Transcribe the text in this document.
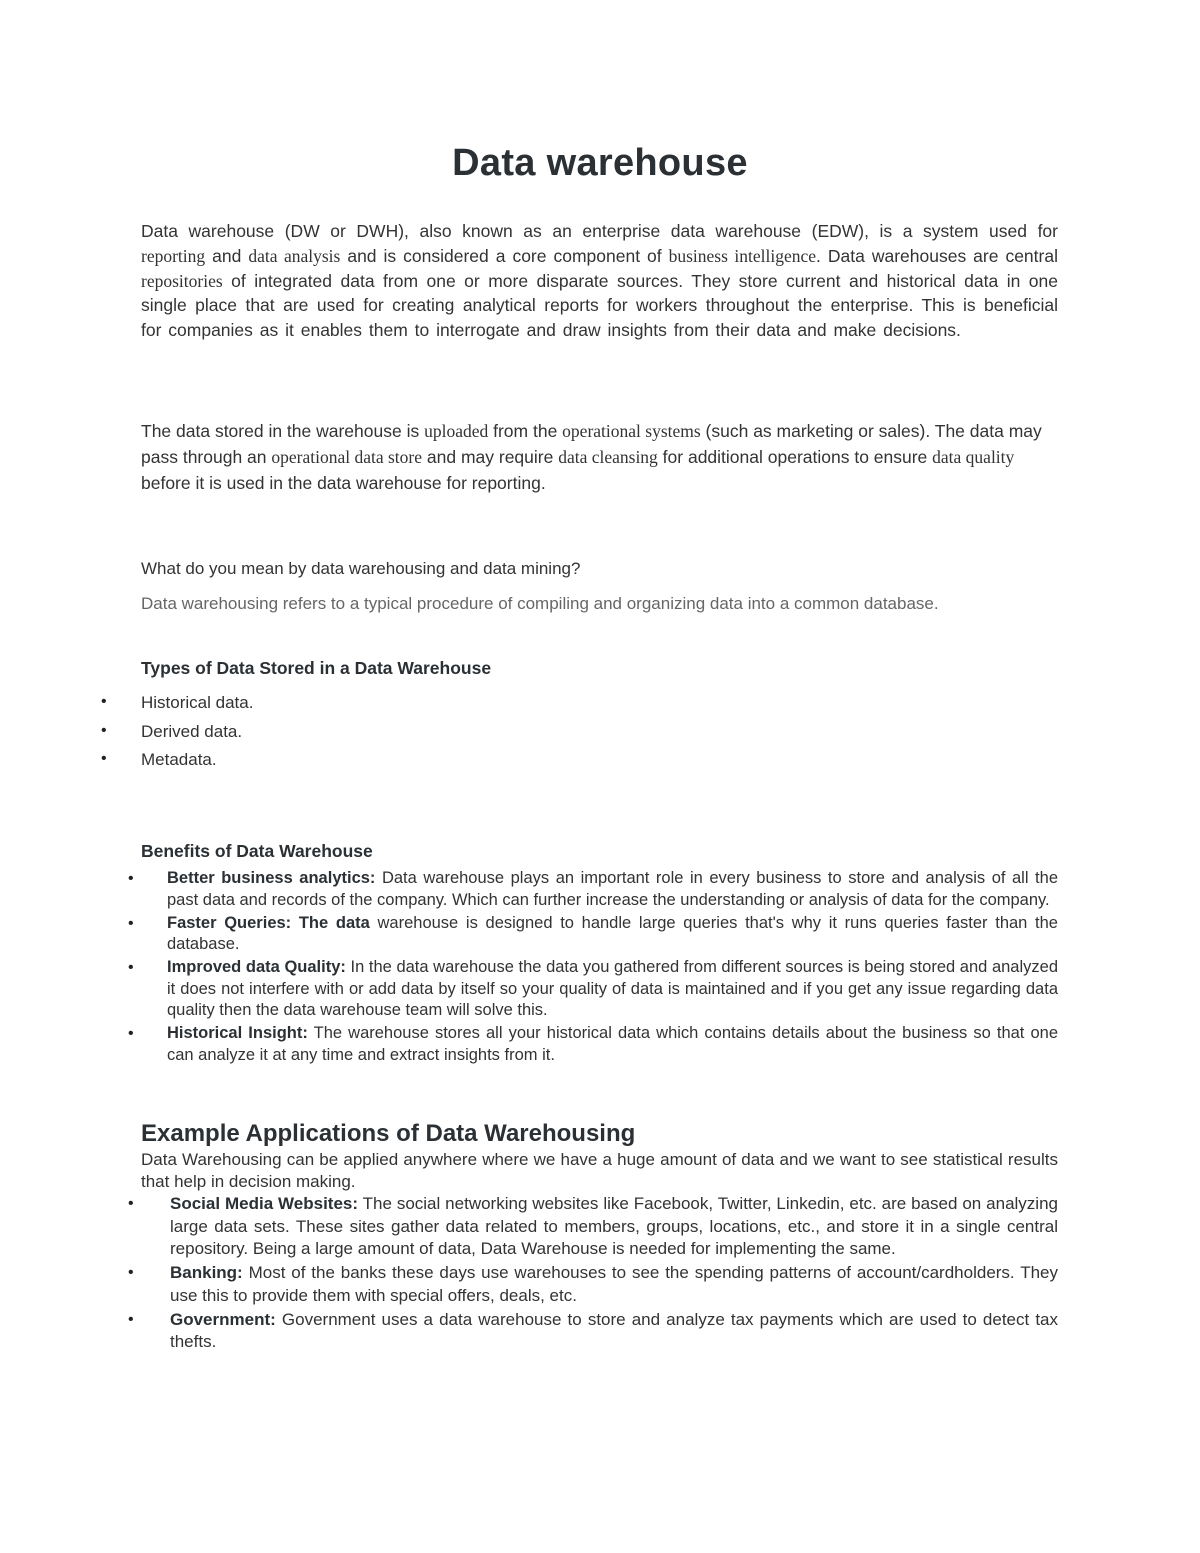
Data warehouse

Data warehouse (DW or DWH), also known as an enterprise data warehouse (EDW), is a system used for reporting and data analysis and is considered a core component of business intelligence. Data warehouses are central repositories of integrated data from one or more disparate sources. They store current and historical data in one single place that are used for creating analytical reports for workers throughout the enterprise. This is beneficial for companies as it enables them to interrogate and draw insights from their data and make decisions.

The data stored in the warehouse is uploaded from the operational systems (such as marketing or sales). The data may pass through an operational data store and may require data cleansing for additional operations to ensure data quality before it is used in the data warehouse for reporting.

What do you mean by data warehousing and data mining?

Data warehousing refers to a typical procedure of compiling and organizing data into a common database.

Types of Data Stored in a Data Warehouse

• Historical data.
• Derived data.
• Metadata.

Benefits of Data Warehouse

• Better business analytics: Data warehouse plays an important role in every business to store and analysis of all the past data and records of the company. Which can further increase the understanding or analysis of data for the company.
• Faster Queries: The data warehouse is designed to handle large queries that's why it runs queries faster than the database.
• Improved data Quality: In the data warehouse the data you gathered from different sources is being stored and analyzed it does not interfere with or add data by itself so your quality of data is maintained and if you get any issue regarding data quality then the data warehouse team will solve this.
• Historical Insight: The warehouse stores all your historical data which contains details about the business so that one can analyze it at any time and extract insights from it.
Example Applications of Data Warehousing

Data Warehousing can be applied anywhere where we have a huge amount of data and we want to see statistical results that help in decision making.

• Social Media Websites: The social networking websites like Facebook, Twitter, Linkedin, etc. are based on analyzing large data sets. These sites gather data related to members, groups, locations, etc., and store it in a single central repository. Being a large amount of data, Data Warehouse is needed for implementing the same.
• Banking: Most of the banks these days use warehouses to see the spending patterns of account/cardholders. They use this to provide them with special offers, deals, etc.
• Government: Government uses a data warehouse to store and analyze tax payments which are used to detect tax thefts.
